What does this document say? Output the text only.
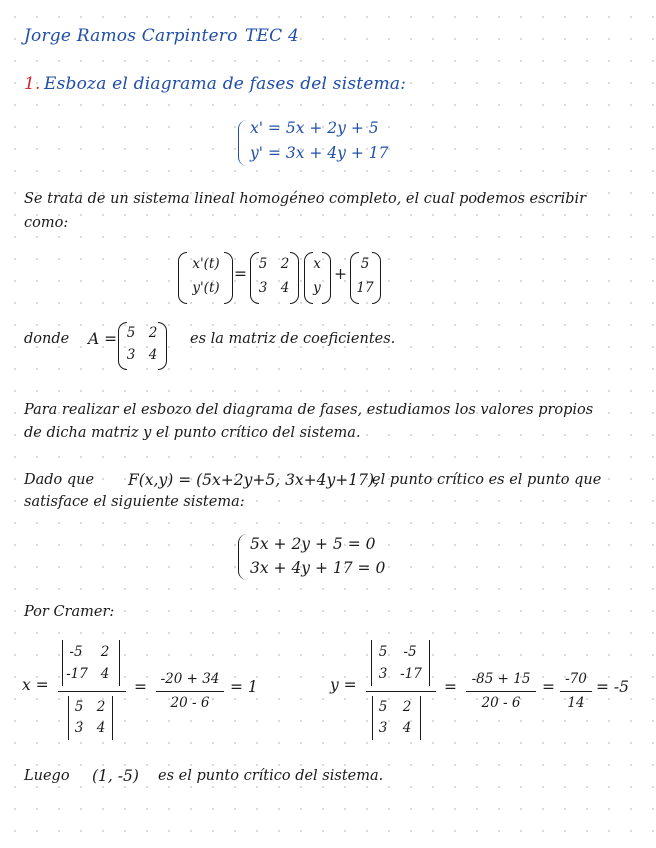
Jorge Ramos Carpintero TEC 4
1. Esboza el diagrama de fases del sistema:
x' = 5x + 2y + 5
y' = 3x + 4y + 17
Se trata de un sistema lineal homogéneo completo, el cual podemos escribir
como:
x'(t)
y'(t)
=
5 2
3 4
x
y
+
5
17
donde A = 5 2
3 4
es la matriz de coeficientes.
Para realizar el esbozo del diagrama de fases, estudiamos los valores propios
de dicha matriz y el punto crítico del sistema.
Dado que F(x,y) = (5x+2y+5, 3x+4y+17),
el punto crítico es el punto que
satisface el siguiente sistema:
5x + 2y + 5 = 0
3x + 4y + 17 = 0
Por Cramer:
x =
-5	2
-17 4
5 2
3 4
=	-20 + 34
20 - 6
= 1	y =
5	-5
3 -17
5	2
3	4
=	-85 + 15
20 - 6
= -70
14
= -5
Luego (1, -5) es el punto crítico del sistema.
